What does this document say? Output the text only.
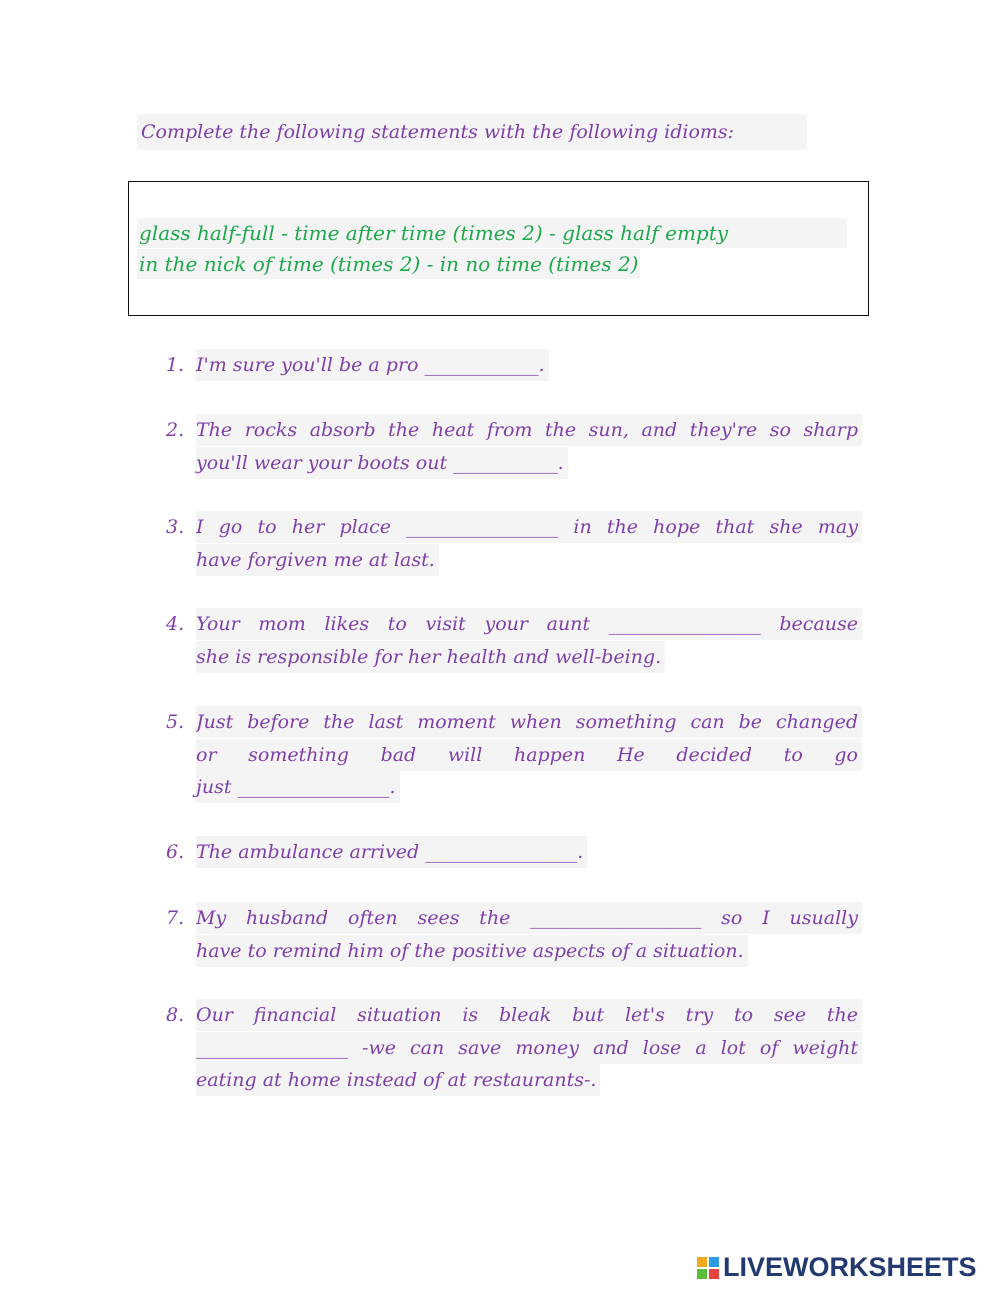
Complete the following statements with the following idioms:
glass half-full - time after time (times 2) - glass half empty
in the nick of time (times 2) - in no time (times 2)
1. I'm sure you'll be a pro ____________.
2. The rocks absorb the heat from the sun, and they're so sharp
you'll wear your boots out ___________.
3. I go to her place ________________ in the hope that she may
have forgiven me at last.
4. Your mom likes to visit your aunt ________________ because
she is responsible for her health and well-being.
5. Just before the last moment when something can be changed
or something bad will happen He decided to go
just ________________.
6. The ambulance arrived ________________.
7. My husband often sees the __________________ so I usually
have to remind him of the positive aspects of a situation.
8. Our financial situation is bleak but let's try to see the
________________ -we can save money and lose a lot of weight
eating at home instead of at restaurants-.
LIVEWORKSHEETS
